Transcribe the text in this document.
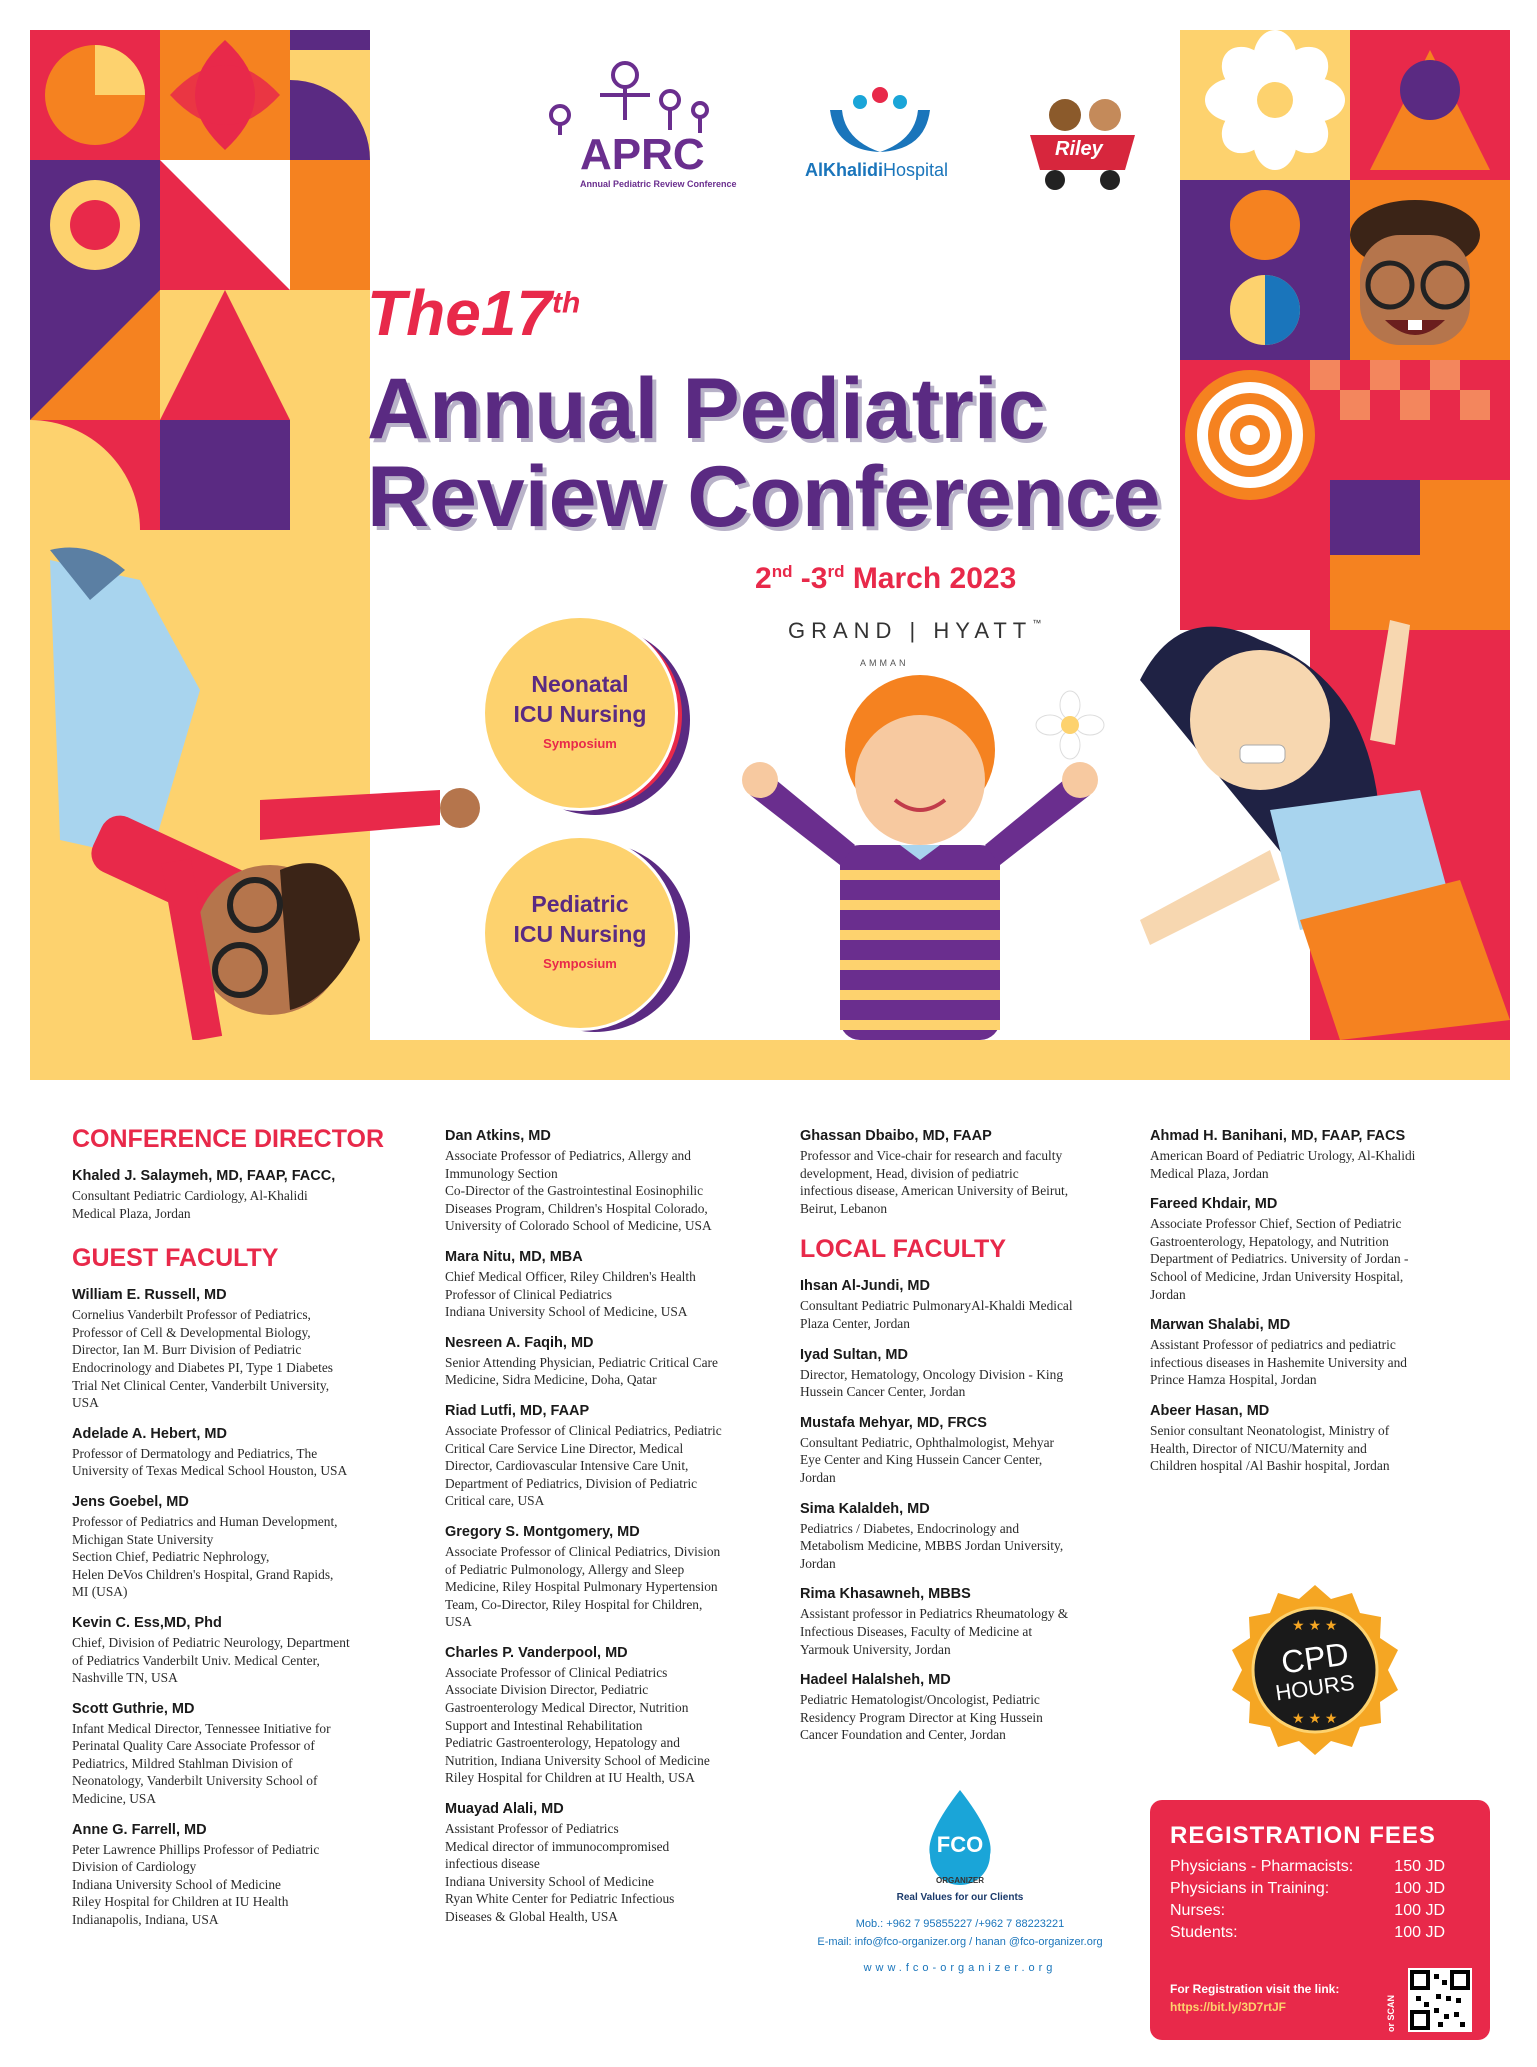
APRC
Annual Pediatric Review Conference
AlKhalidiHospital
Riley
The17th
Annual Pediatric
Review Conference
2nd -3rd March 2023
GRAND | HYATT™
AMMAN
Neonatal
ICU Nursing
Symposium
Pediatric
ICU Nursing
Symposium
CONFERENCE DIRECTOR
Khaled J. Salaymeh, MD, FAAP, FACC,
Consultant Pediatric Cardiology, Al-Khalidi
Medical Plaza, Jordan
GUEST FACULTY
William E. Russell, MD
Cornelius Vanderbilt Professor of Pediatrics,
Professor of Cell & Developmental Biology,
Director, Ian M. Burr Division of Pediatric
Endocrinology and Diabetes PI, Type 1 Diabetes
Trial Net Clinical Center, Vanderbilt University,
USA
Adelade A. Hebert, MD
Professor of Dermatology and Pediatrics, The
University of Texas Medical School Houston, USA
Jens Goebel, MD
Professor of Pediatrics and Human Development,
Michigan State University
Section Chief, Pediatric Nephrology,
Helen DeVos Children's Hospital, Grand Rapids,
MI (USA)
Kevin C. Ess,MD, Phd
Chief, Division of Pediatric Neurology, Department
of Pediatrics Vanderbilt Univ. Medical Center,
Nashville TN, USA
Scott Guthrie, MD
Infant Medical Director, Tennessee Initiative for
Perinatal Quality Care Associate Professor of
Pediatrics, Mildred Stahlman Division of
Neonatology, Vanderbilt University School of
Medicine, USA
Anne G. Farrell, MD
Peter Lawrence Phillips Professor of Pediatric
Division of Cardiology
Indiana University School of Medicine
Riley Hospital for Children at IU Health
Indianapolis, Indiana, USA
Dan Atkins, MD
Associate Professor of Pediatrics, Allergy and
Immunology Section
Co-Director of the Gastrointestinal Eosinophilic
Diseases Program, Children's Hospital Colorado,
University of Colorado School of Medicine, USA
Mara Nitu, MD, MBA
Chief Medical Officer, Riley Children's Health
Professor of Clinical Pediatrics
Indiana University School of Medicine, USA
Nesreen A. Faqih, MD
Senior Attending Physician, Pediatric Critical Care
Medicine, Sidra Medicine, Doha, Qatar
Riad Lutfi, MD, FAAP
Associate Professor of Clinical Pediatrics, Pediatric
Critical Care Service Line Director, Medical
Director, Cardiovascular Intensive Care Unit,
Department of Pediatrics, Division of Pediatric
Critical care, USA
Gregory S. Montgomery, MD
Associate Professor of Clinical Pediatrics, Division
of Pediatric Pulmonology, Allergy and Sleep
Medicine, Riley Hospital Pulmonary Hypertension
Team, Co-Director, Riley Hospital for Children,
USA
Charles P. Vanderpool, MD
Associate Professor of Clinical Pediatrics
Associate Division Director, Pediatric
Gastroenterology Medical Director, Nutrition
Support and Intestinal Rehabilitation
Pediatric Gastroenterology, Hepatology and
Nutrition, Indiana University School of Medicine
Riley Hospital for Children at IU Health, USA
Muayad Alali, MD
Assistant Professor of Pediatrics
Medical director of immunocompromised
infectious disease
Indiana University School of Medicine
Ryan White Center for Pediatric Infectious
Diseases & Global Health, USA
Ghassan Dbaibo, MD, FAAP
Professor and Vice-chair for research and faculty
development, Head, division of pediatric
infectious disease, American University of Beirut,
Beirut, Lebanon
LOCAL FACULTY
Ihsan Al-Jundi, MD
Consultant Pediatric PulmonaryAl-Khaldi Medical
Plaza Center, Jordan
Iyad Sultan, MD
Director, Hematology, Oncology Division - King
Hussein Cancer Center, Jordan
Mustafa Mehyar, MD, FRCS
Consultant Pediatric, Ophthalmologist, Mehyar
Eye Center and King Hussein Cancer Center,
Jordan
Sima Kalaldeh, MD
Pediatrics / Diabetes, Endocrinology and
Metabolism Medicine, MBBS Jordan University,
Jordan
Rima Khasawneh, MBBS
Assistant professor in Pediatrics Rheumatology &
Infectious Diseases, Faculty of Medicine at
Yarmouk University, Jordan
Hadeel Halalsheh, MD
Pediatric Hematologist/Oncologist, Pediatric
Residency Program Director at King Hussein
Cancer Foundation and Center, Jordan
Ahmad H. Banihani, MD, FAAP, FACS
American Board of Pediatric Urology, Al-Khalidi
Medical Plaza, Jordan
Fareed Khdair, MD
Associate Professor Chief, Section of Pediatric
Gastroenterology, Hepatology, and Nutrition
Department of Pediatrics. University of Jordan -
School of Medicine, Jrdan University Hospital,
Jordan
Marwan Shalabi, MD
Assistant Professor of pediatrics and pediatric
infectious diseases in Hashemite University and
Prince Hamza Hospital, Jordan
Abeer Hasan, MD
Senior consultant Neonatologist, Ministry of
Health, Director of NICU/Maternity and
Children hospital /Al Bashir hospital, Jordan
★ ★ ★
★ ★ ★
CPD
HOURS
FCO
ORGANIZER
Real Values for our Clients
Mob.: +962 7 95855227 /+962 7 88223221
E-mail: info@fco-organizer.org / hanan @fco-organizer.org
www.fco-organizer.org
REGISTRATION FEES
Physicians - Pharmacists:	150 JD
Physicians in Training:	100 JD
Nurses:	100 JD
Students:	100 JD
For Registration visit the link:
https://bit.ly/3D7rtJF	or SCAN
